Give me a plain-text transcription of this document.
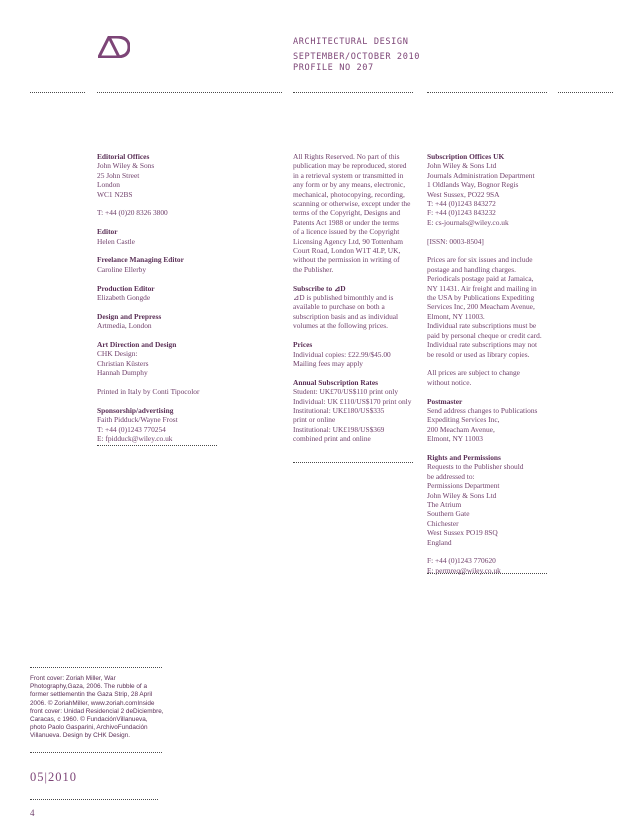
ARCHITECTURAL DESIGN
SEPTEMBER/OCTOBER 2010
PROFILE NO 207
Editorial Offices
John Wiley & Sons
25 John Street
London
WC1 N2BS
T: +44 (0)20 8326 3800
Editor
Helen Castle
Freelance Managing Editor
Caroline Ellerby
Production Editor
Elizabeth Gongde
Design and Prepress
Artmedia, London
Art Direction and Design
CHK Design:
Christian Küsters
Hannah Dumphy
Printed in Italy by Conti Tipocolor
Sponsorship/advertising
Faith Pidduck/Wayne Frost
T: +44 (0)1243 770254
E: fpidduck@wiley.co.uk
All Rights Reserved. No part of this
publication may be reproduced, stored
in a retrieval system or transmitted in
any form or by any means, electronic,
mechanical, photocopying, recording,
scanning or otherwise, except under the
terms of the Copyright, Designs and
Patents Act 1988 or under the terms
of a licence issued by the Copyright
Licensing Agency Ltd, 90 Tottenham
Court Road, London W1T 4LP, UK,
without the permission in writing of
the Publisher.
Subscribe to ⊿D
⊿D is published bimonthly and is
available to purchase on both a
subscription basis and as individual
volumes at the following prices.
Prices
Individual copies: £22.99/$45.00
Mailing fees may apply
Annual Subscription Rates
Student: UK£70/US$110 print only
Individual: UK £110/US$170 print only
Institutional: UK£180/US$335
print or online
Institutional: UK£198/US$369
combined print and online
Subscription Offices UK
John Wiley & Sons Ltd
Journals Administration Department
1 Oldlands Way, Bognor Regis
West Sussex, PO22 9SA
T: +44 (0)1243 843272
F: +44 (0)1243 843232
E: cs-journals@wiley.co.uk
[ISSN: 0003-8504]
Prices are for six issues and include
postage and handling charges.
Periodicals postage paid at Jamaica,
NY 11431. Air freight and mailing in
the USA by Publications Expediting
Services Inc, 200 Meacham Avenue,
Elmont, NY 11003.
Individual rate subscriptions must be
paid by personal cheque or credit card.
Individual rate subscriptions may not
be resold or used as library copies.
All prices are subject to change
without notice.
Postmaster
Send address changes to Publications
Expediting Services Inc,
200 Meacham Avenue,
Elmont, NY 11003
Rights and Permissions
Requests to the Publisher should
be addressed to:
Permissions Department
John Wiley & Sons Ltd
The Atrium
Southern Gate
Chichester
West Sussex PO19 8SQ
England
F: +44 (0)1243 770620
E: permreq@wiley.co.uk
Front cover: Zoriah Miller, War Photography,Gaza, 2006. The rubble of a former settlementin the Gaza Strip, 28 April 2006. © ZoriahMiller, www.zoriah.comInside front cover: Unidad Residencial 2 deDiciembre, Caracas, c 1960. © FundaciónVillanueva, photo Paolo Gasparini, ArchivoFundación Villanueva. Design by CHK Design.
05|2010
4
